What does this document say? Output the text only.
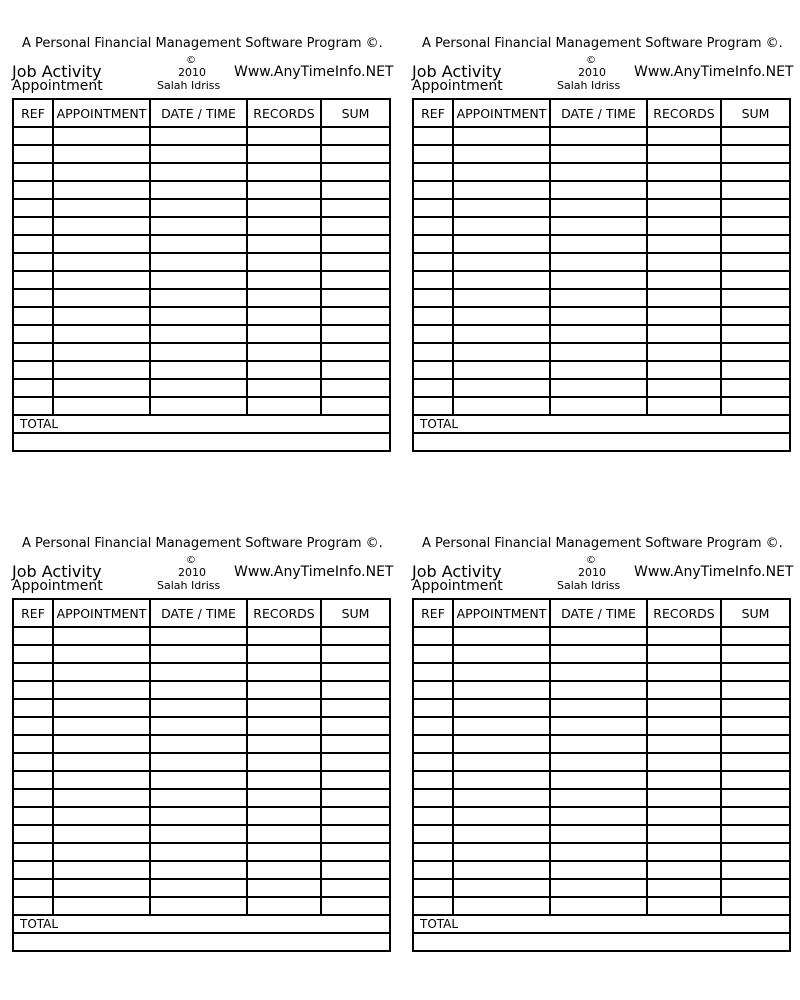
A Personal Financial Management Software Program ©.
Job Activity
Appointment
©
2010
Salah Idriss
Www.AnyTimeInfo.NET
REF	APPOINTMENT	DATE / TIME	RECORDS	SUM

TOTAL				

A Personal Financial Management Software Program ©.
Job Activity
Appointment
©
2010
Salah Idriss
Www.AnyTimeInfo.NET
REF	APPOINTMENT	DATE / TIME	RECORDS	SUM

TOTAL				

A Personal Financial Management Software Program ©.
Job Activity
Appointment
©
2010
Salah Idriss
Www.AnyTimeInfo.NET
REF	APPOINTMENT	DATE / TIME	RECORDS	SUM

TOTAL				

A Personal Financial Management Software Program ©.
Job Activity
Appointment
©
2010
Salah Idriss
Www.AnyTimeInfo.NET
REF	APPOINTMENT	DATE / TIME	RECORDS	SUM

TOTAL				
